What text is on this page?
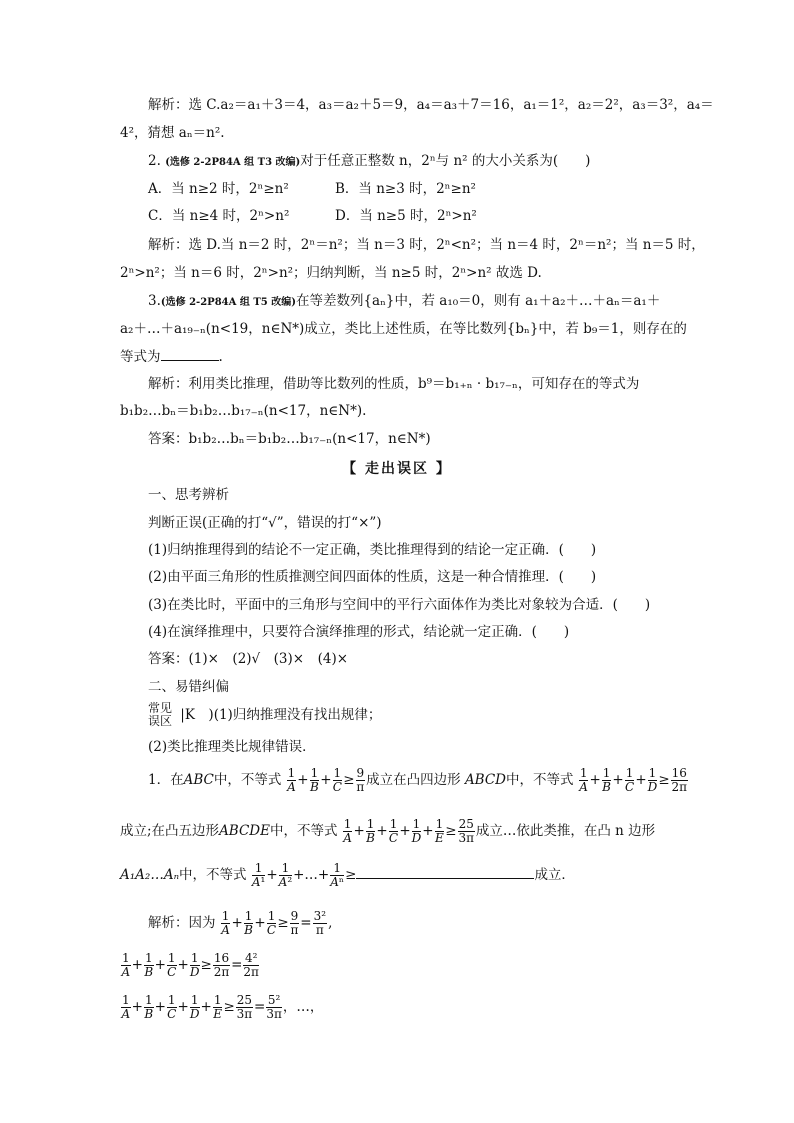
解析：选 C.a₂＝a₁＋3＝4，a₃＝a₂＋5＝9，a₄＝a₃＋7＝16，a₁＝1²，a₂＝2²，a₃＝3²，a₄＝
4²，猜想 aₙ＝n².
2. (选修 2-2P84A 组 T3 改编)对于任意正整数 n，2ⁿ与 n² 的大小关系为(　　)
A．当 n≥2 时，2ⁿ≥n²	B．当 n≥3 时，2ⁿ≥n²
C．当 n≥4 时，2ⁿ>n²	D．当 n≥5 时，2ⁿ>n²
解析：选 D.当 n＝2 时，2ⁿ＝n²；当 n＝3 时，2ⁿ<n²；当 n＝4 时，2ⁿ＝n²；当 n＝5 时，
2ⁿ>n²；当 n＝6 时，2ⁿ>n²；归纳判断，当 n≥5 时，2ⁿ>n² 故选 D.
3.(选修 2-2P84A 组 T5 改编)在等差数列{aₙ}中，若 a₁₀＝0，则有 a₁＋a₂＋…＋aₙ＝a₁＋
a₂＋…＋a₁₉₋ₙ(n<19，n∈N*)成立，类比上述性质，在等比数列{bₙ}中，若 b₉＝1，则存在的
等式为	.
解析：利用类比推理，借助等比数列的性质，b⁹＝b₁₊ₙ · b₁₇₋ₙ，可知存在的等式为
b₁b₂…bₙ＝b₁b₂…b₁₇₋ₙ(n<17，n∈N*).
答案：b₁b₂…bₙ＝b₁b₂…b₁₇₋ₙ(n<17，n∈N*)
【 走出误区 】
一、思考辨析
判断正误(正确的打“√”，错误的打“×”)
(1)归纳推理得到的结论不一定正确，类比推理得到的结论一定正确．(　　)
(2)由平面三角形的性质推测空间四面体的性质，这是一种合情推理．(　　)
(3)在类比时，平面中的三角形与空间中的平行六面体作为类比对象较为合适．(　　)
(4)在演绎推理中，只要符合演绎推理的形式，结论就一定正确．(　　)
答案：(1)×　(2)√　(3)×　(4)×
二、易错纠偏
常见
误区 |K　)(1)归纳推理没有找出规律；
(2)类比推理类比规律错误．
1．在ABC中，不等式 $\frac{1}{A} + \frac{1}{B} + \frac{1}{C} \ge \frac{9}{\pi}$ 成立在凸四边形 ABCD中，不等式 $\frac{1}{A} + \frac{1}{B} + \frac{1}{C} + \frac{1}{D} \ge \frac{16}{2\pi}$
成立;在凸五边形ABCDE中，不等式 $\frac{1}{A} + \frac{1}{B} + \frac{1}{C} + \frac{1}{D} + \frac{1}{E} \ge \frac{25}{3\pi}$ 成立…依此类推，在凸 n 边形
A₁A₂…Aₙ中，不等式 $\frac{1}{\text{A¹}} + \frac{1}{\text{A²}}$ +…+ $\frac{1}{\text{Aⁿ}}$ ≥	成立．
解析：因为 $\frac{1}{A} + \frac{1}{B} + \frac{1}{C} \ge \frac{9}{\pi} = \frac{\text{3²}}{\pi}$ ,
$\frac{1}{A} + \frac{1}{B} + \frac{1}{C} + \frac{1}{D} \ge \frac{16}{2\pi} = \frac{\text{4²}}{2\pi}$
$\frac{1}{A} + \frac{1}{B} + \frac{1}{C} + \frac{1}{D} + \frac{1}{E} \ge \frac{25}{3\pi} = \frac{\text{5²}}{3\pi}$ ，…，
